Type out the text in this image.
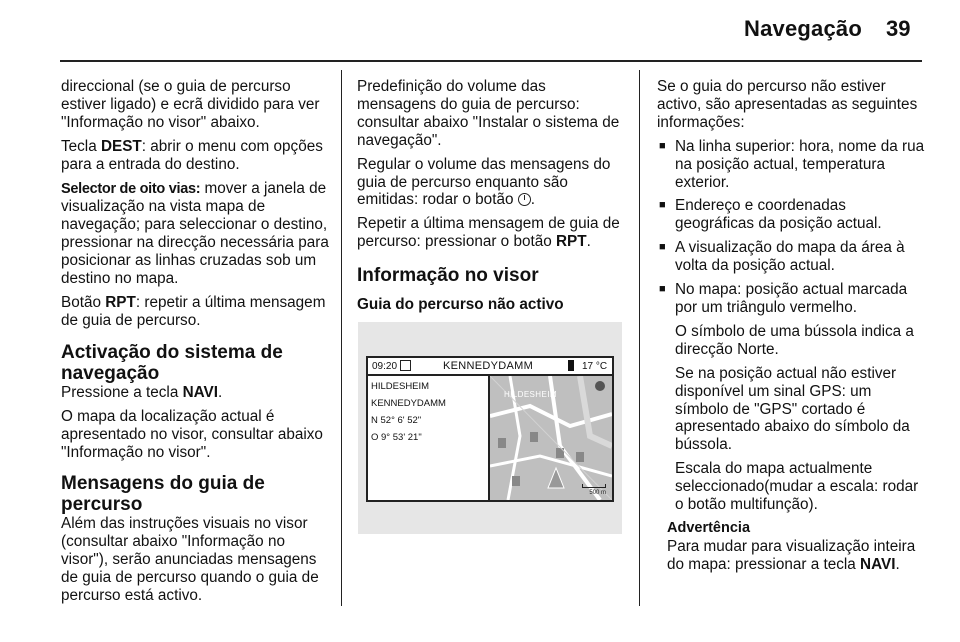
Navegação 39

direccional (se o guia de percurso estiver ligado) e ecrã dividido para ver "Informação no visor" abaixo.

Tecla DEST: abrir o menu com opções para a entrada do destino.

Selector de oito vias: mover a janela de visualização na vista mapa de navegação; para seleccionar o destino, pressionar na direcção necessária para posicionar as linhas cruzadas sob um destino no mapa.

Botão RPT: repetir a última mensagem de guia de percurso.

Activação do sistema de navegação

Pressione a tecla NAVI.

O mapa da localização actual é apresentado no visor, consultar abaixo "Informação no visor".

Mensagens do guia de percurso

Além das instruções visuais no visor (consultar abaixo "Informação no visor"), serão anunciadas mensagens de guia de percurso quando o guia de percurso está activo.

Predefinição do volume das mensagens do guia de percurso: consultar abaixo "Instalar o sistema de navegação".

Regular o volume das mensagens do guia de percurso enquanto são emitidas: rodar o botão .

Repetir a última mensagem de guia de percurso: pressionar o botão RPT.

Informação no visor
Guia do percurso não activo
09:20	KENNEDYDAMM	17 °C
HILDESHEIM
KENNEDYDAMM
N 52° 6' 52"
O 9° 53' 21"
HILDESHEIM
500 m

Se o guia do percurso não estiver activo, são apresentadas as seguintes informações:

■ Na linha superior: hora, nome da rua na posição actual, temperatura exterior.

■ Endereço e coordenadas geográficas da posição actual.

■ A visualização do mapa da área à volta da posição actual.

■ No mapa: posição actual marcada por um triângulo vermelho.

O símbolo de uma bússola indica a direcção Norte.

Se na posição actual não estiver disponível um sinal GPS: um símbolo de "GPS" cortado é apresentado abaixo do símbolo da bússola.

Escala do mapa actualmente seleccionado(mudar a escala: rodar o botão multifunção).

Advertência
Para mudar para visualização inteira do mapa: pressionar a tecla NAVI.
